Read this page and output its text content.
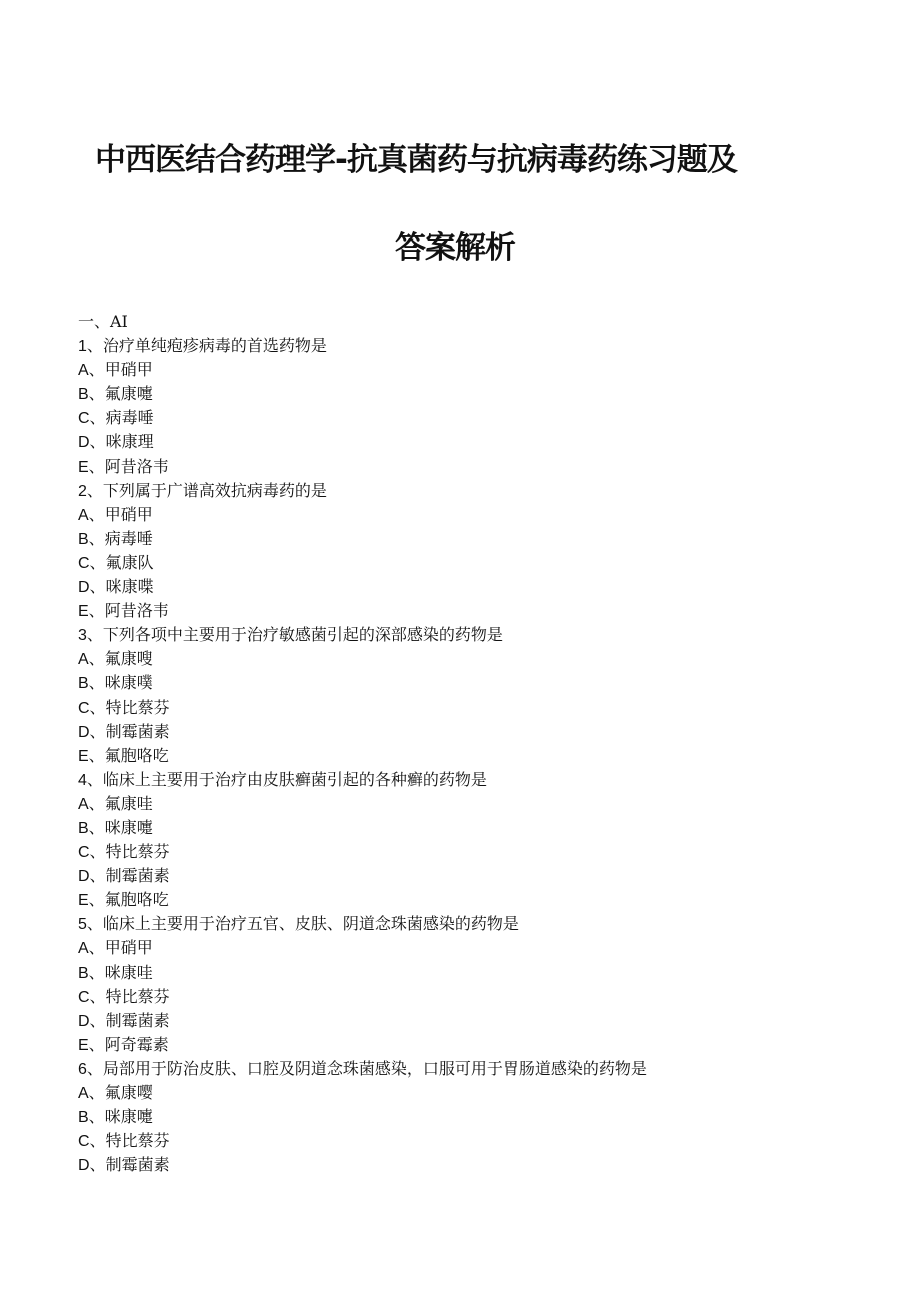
中西医结合药理学-抗真菌药与抗病毒药练习题及
答案解析
一、AI
1、治疗单纯疱疹病毒的首选药物是
A、甲硝甲
B、氟康嚏
C、病毒唾
D、咪康理
E、阿昔洛韦
2、下列属于广谱高效抗病毒药的是
A、甲硝甲
B、病毒唾
C、氟康队
D、咪康喋
E、阿昔洛韦
3、下列各项中主要用于治疗敏感菌引起的深部感染的药物是
A、氟康嗖
B、咪康噗
C、特比蔡芬
D、制霉菌素
E、氟胞咯吃
4、临床上主要用于治疗由皮肤癣菌引起的各种癣的药物是
A、氟康哇
B、咪康嚏
C、特比蔡芬
D、制霉菌素
E、氟胞咯吃
5、临床上主要用于治疗五官、皮肤、阴道念珠菌感染的药物是
A、甲硝甲
B、咪康哇
C、特比蔡芬
D、制霉菌素
E、阿奇霉素
6、局部用于防治皮肤、口腔及阴道念珠菌感染，口服可用于胃肠道感染的药物是
A、氟康嘤
B、咪康嚏
C、特比蔡芬
D、制霉菌素
